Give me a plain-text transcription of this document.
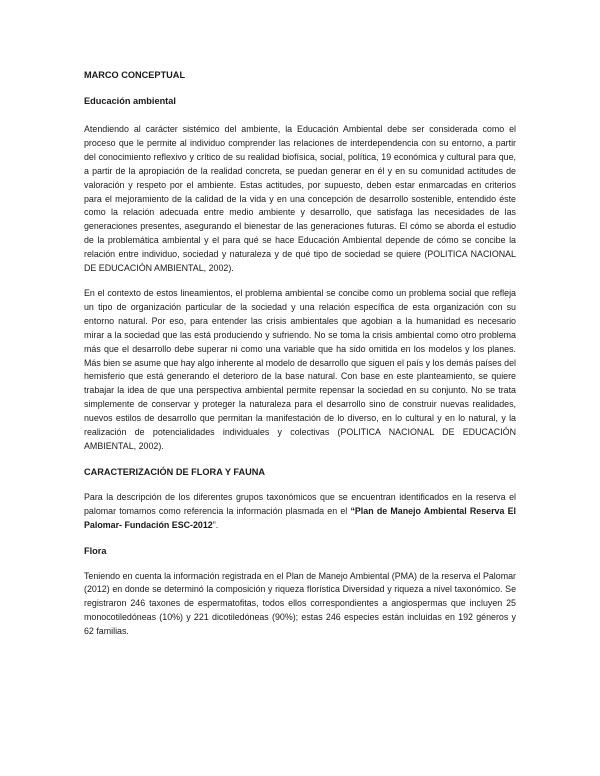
MARCO CONCEPTUAL
Educación ambiental

Atendiendo al carácter sistémico del ambiente, la Educación Ambiental debe ser considerada como el proceso que le permite al individuo comprender las relaciones de interdependencia con su entorno, a partir del conocimiento reflexivo y crítico de su realidad biofísica, social, política, 19 económica y cultural para que, a partir de la apropiación de la realidad concreta, se puedan generar en él y en su comunidad actitudes de valoración y respeto por el ambiente. Estas actitudes, por supuesto, deben estar enmarcadas en criterios para el mejoramiento de la calidad de la vida y en una concepción de desarrollo sostenible, entendido éste como la relación adecuada entre medio ambiente y desarrollo, que satisfaga las necesidades de las generaciones presentes, asegurando el bienestar de las generaciones futuras. El cómo se aborda el estudio de la problemática ambiental y el para qué se hace Educación Ambiental depende de cómo se concibe la relación entre individuo, sociedad y naturaleza y de qué tipo de sociedad se quiere (POLITICA NACIONAL DE EDUCACIÓN AMBIENTAL, 2002).

En el contexto de estos lineamientos, el problema ambiental se concibe como un problema social que refleja un tipo de organización particular de la sociedad y una relación específica de esta organización con su entorno natural. Por eso, para entender las crisis ambientales que agobian a la humanidad es necesario mirar a la sociedad que las está produciendo y sufriendo. No se toma la crisis ambiental como otro problema más que el desarrollo debe superar ni como una variable que ha sido omitida en los modelos y los planes. Más bien se asume que hay algo inherente al modelo de desarrollo que siguen el país y los demás países del hemisferio que está generando el deterioro de la base natural. Con base en este planteamiento, se quiere trabajar la idea de que una perspectiva ambiental permite repensar la sociedad en su conjunto. No se trata simplemente de conservar y proteger la naturaleza para el desarrollo sino de construir nuevas realidades, nuevos estilos de desarrollo que permitan la manifestación de lo diverso, en lo cultural y en lo natural, y la realización de potencialidades individuales y colectivas (POLITICA NACIONAL DE EDUCACIÓN AMBIENTAL, 2002).

CARACTERIZACIÓN DE FLORA Y FAUNA

Para la descripción de los diferentes grupos taxonómicos que se encuentran identificados en la reserva el palomar tomamos como referencia la información plasmada en el “Plan de Manejo Ambiental Reserva El Palomar- Fundación ESC-2012”.

Flora

Teniendo en cuenta la información registrada en el Plan de Manejo Ambiental (PMA) de la reserva el Palomar (2012) en donde se determinó la composición y riqueza florística Diversidad y riqueza a nivel taxonómico. Se registraron 246 taxones de espermatofitas, todos ellos correspondientes a angiospermas que incluyen 25 monocotiledóneas (10%) y 221 dicotiledóneas (90%); estas 246 especies están incluidas en 192 géneros y 62 familias.
